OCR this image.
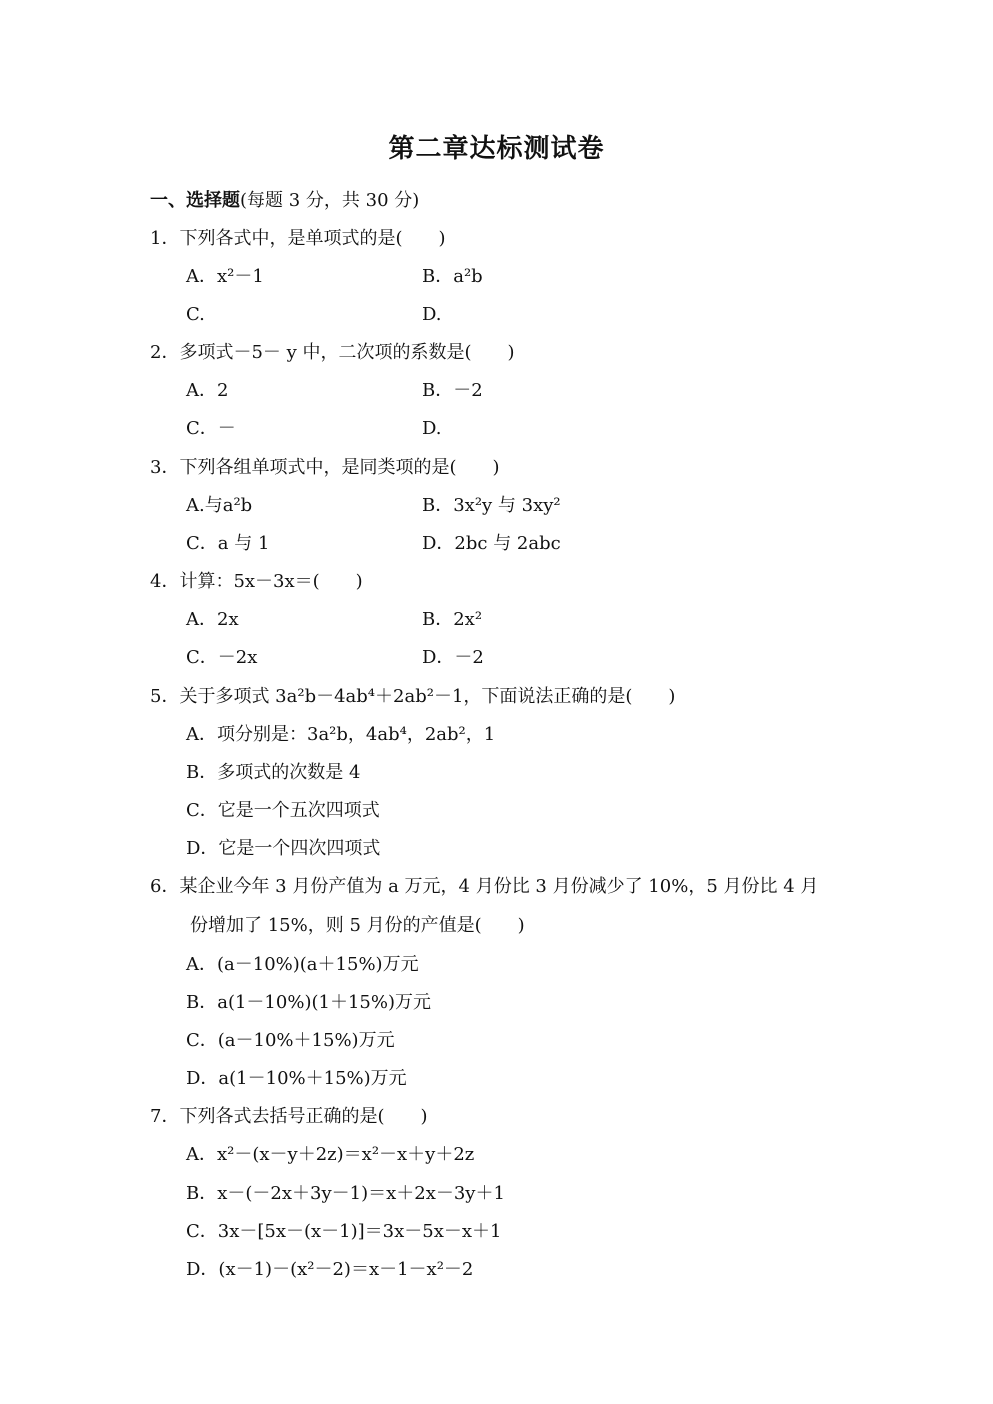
第二章达标测试卷
一、选择题(每题 3 分，共 30 分)
1．下列各式中，是单项式的是(　　)
A．x²－1	B．a²b
C.	D.
2．多项式－5－ y 中，二次项的系数是(　　)
A．2	B．－2
C．－	D.
3．下列各组单项式中，是同类项的是(　　)
A.与a²b	B．3x²y 与 3xy²
C．a 与 1	D．2bc 与 2abc
4．计算：5x－3x＝(　　)
A．2x	B．2x²
C．－2x	D．－2
5．关于多项式 3a²b－4ab⁴＋2ab²－1，下面说法正确的是(　　)
A．项分别是：3a²b，4ab⁴，2ab²，1
B．多项式的次数是 4
C．它是一个五次四项式
D．它是一个四次四项式
6．某企业今年 3 月份产值为 a 万元，4 月份比 3 月份减少了 10%，5 月份比 4 月
份增加了 15%，则 5 月份的产值是(　　)
A．(a－10%)(a＋15%)万元
B．a(1－10%)(1＋15%)万元
C．(a－10%＋15%)万元
D．a(1－10%＋15%)万元
7．下列各式去括号正确的是(　　)
A．x²－(x－y＋2z)＝x²－x＋y＋2z
B．x－(－2x＋3y－1)＝x＋2x－3y＋1
C．3x－[5x－(x－1)]＝3x－5x－x＋1
D．(x－1)－(x²－2)＝x－1－x²－2
